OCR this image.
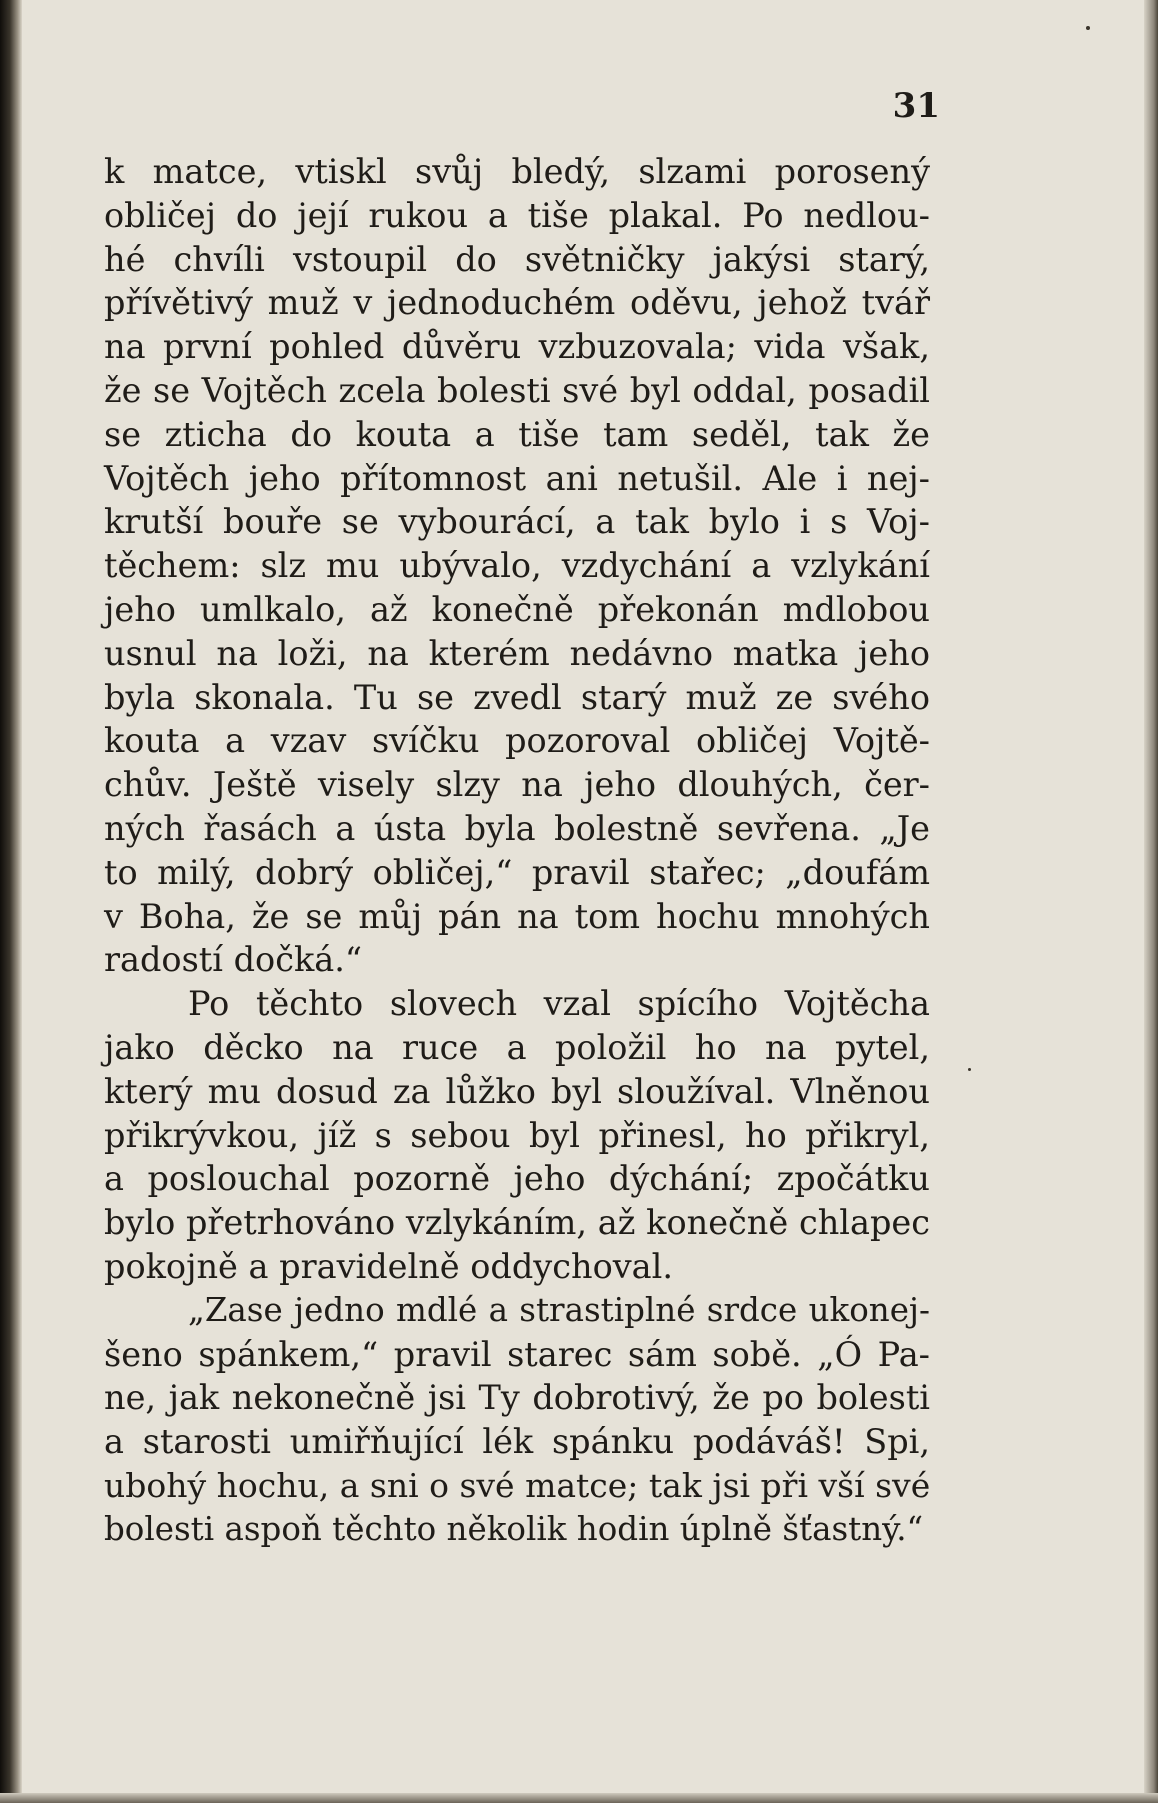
31
k matce, vtiskl svůj bledý, slzami porosený
obličej do její rukou a tiše plakal. Po nedlou-
hé chvíli vstoupil do světničky jakýsi starý,
přívětivý muž v jednoduchém oděvu, jehož tvář
na první pohled důvěru vzbuzovala; vida však,
že se Vojtěch zcela bolesti své byl oddal, posadil
se zticha do kouta a tiše tam seděl, tak že
Vojtěch jeho přítomnost ani netušil. Ale i nej-
krutší bouře se vybourácí, a tak bylo i s Voj-
těchem: slz mu ubývalo, vzdychání a vzlykání
jeho umlkalo, až konečně překonán mdlobou
usnul na loži, na kterém nedávno matka jeho
byla skonala. Tu se zvedl starý muž ze svého
kouta a vzav svíčku pozoroval obličej Vojtě-
chův. Ještě visely slzy na jeho dlouhých, čer-
ných řasách a ústa byla bolestně sevřena. „Je
to milý, dobrý obličej,“ pravil stařec; „doufám
v Boha, že se můj pán na tom hochu mnohých
radostí dočká.“
Po těchto slovech vzal spícího Vojtěcha
jako děcko na ruce a položil ho na pytel,
který mu dosud za lůžko byl sloužíval. Vlněnou
přikrývkou, jíž s sebou byl přinesl, ho přikryl,
a poslouchal pozorně jeho dýchání; zpočátku
bylo přetrhováno vzlykáním, až konečně chlapec
pokojně a pravidelně oddychoval.
„Zase jedno mdlé a strastiplné srdce ukonej-
šeno spánkem,“ pravil starec sám sobě. „Ó Pa-
ne, jak nekonečně jsi Ty dobrotivý, že po bolesti
a starosti umiřňující lék spánku podáváš! Spi,
ubohý hochu, a sni o své matce; tak jsi při vší své
bolesti aspoň těchto několik hodin úplně šťastný.“
